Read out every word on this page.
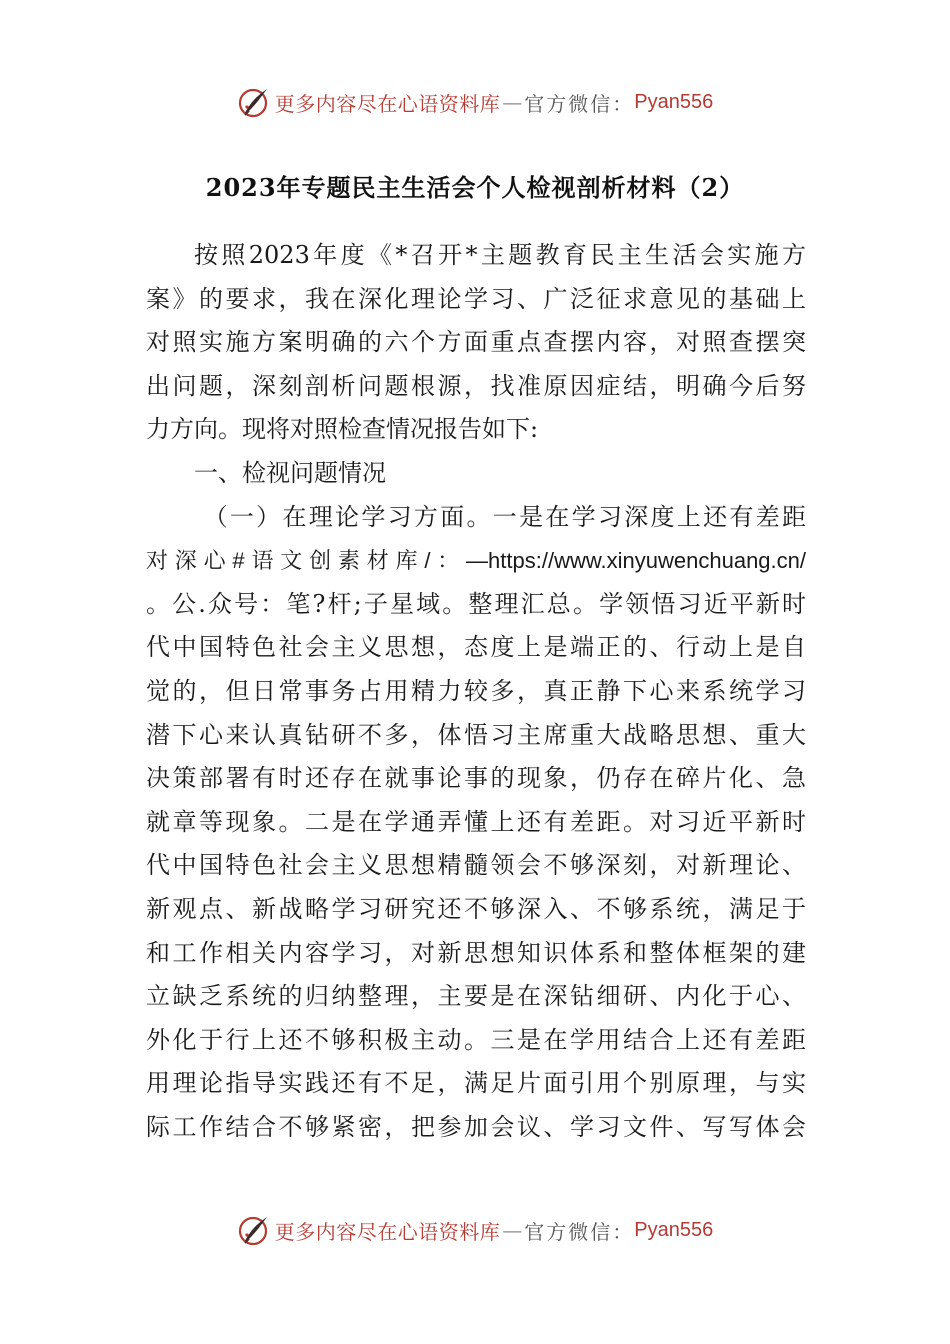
更多内容尽在心语资料库 — 官方微信： Pyan556
2023年专题民主生活会个人检视剖析材料（2）
按照2023年度《*召开*主题教育民主生活会实施方
案》的要求，我在深化理论学习、广泛征求意见的基础上
对照实施方案明确的六个方面重点查摆内容，对照查摆突
出问题，深刻剖析问题根源，找准原因症结，明确今后努
力方向。现将对照检查情况报告如下:
一、检视问题情况
（一）在理论学习方面。一是在学习深度上还有差距
对深心#语文创素材库/：—https://www.xinyuwenchuang.cn/
。公.众号：笔?杆;子星域。整理汇总。学领悟习近平新时
代中国特色社会主义思想，态度上是端正的、行动上是自
觉的，但日常事务占用精力较多，真正静下心来系统学习
潜下心来认真钻研不多，体悟习主席重大战略思想、重大
决策部署有时还存在就事论事的现象，仍存在碎片化、急
就章等现象。二是在学通弄懂上还有差距。对习近平新时
代中国特色社会主义思想精髓领会不够深刻，对新理论、
新观点、新战略学习研究还不够深入、不够系统，满足于
和工作相关内容学习，对新思想知识体系和整体框架的建
立缺乏系统的归纳整理，主要是在深钻细研、内化于心、
外化于行上还不够积极主动。三是在学用结合上还有差距
用理论指导实践还有不足，满足片面引用个别原理，与实
际工作结合不够紧密，把参加会议、学习文件、写写体会
更多内容尽在心语资料库 — 官方微信： Pyan556
